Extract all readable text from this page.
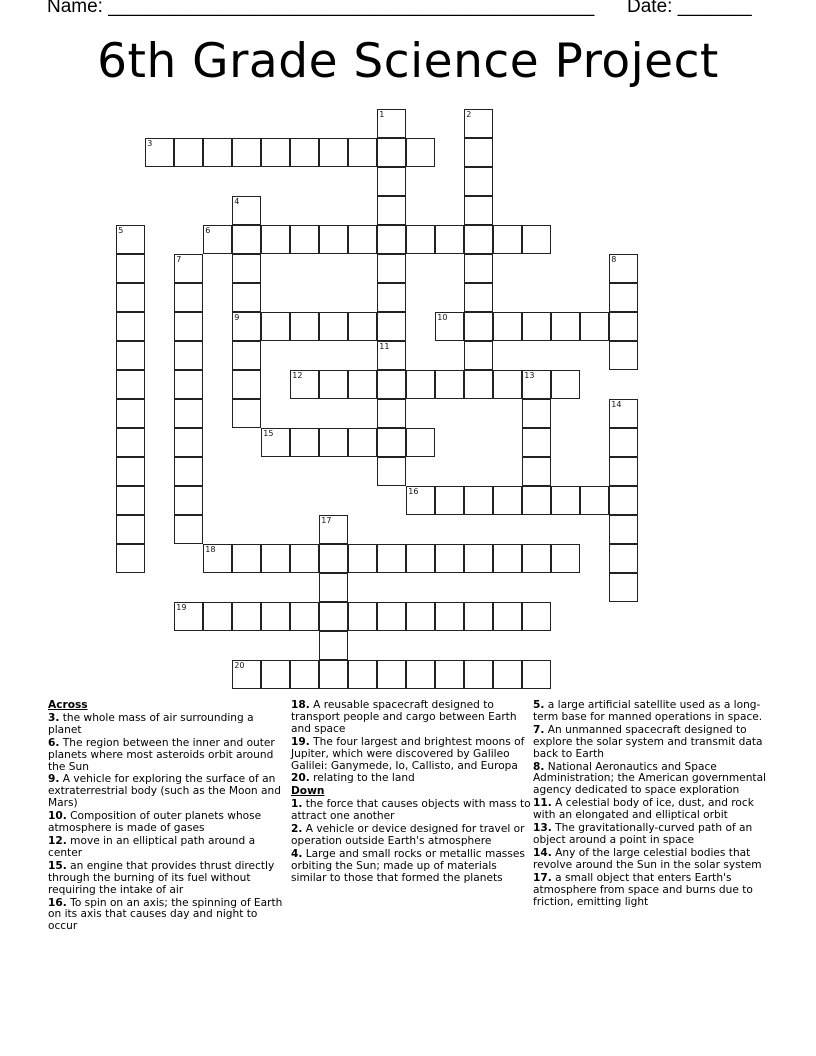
Name: ______________________________________________ Date: _______
6th Grade Science Project
1	2
3
4
9
5	6
7	8
10
11
12	13
14
15
16
17
18
19
20
Across
3. the whole mass of air surrounding a planet
6. The region between the inner and outer planets where most asteroids orbit around the Sun
9. A vehicle for exploring the surface of an extraterrestrial body (such as the Moon and Mars)
10. Composition of outer planets whose atmosphere is made of gases
12. move in an elliptical path around a center
15. an engine that provides thrust directly through the burning of its fuel without requiring the intake of air
16. To spin on an axis; the spinning of Earth on its axis that causes day and night to occur
18. A reusable spacecraft designed to transport people and cargo between Earth and space
19. The four largest and brightest moons of Jupiter, which were discovered by Galileo Galilei: Ganymede, Io, Callisto, and Europa
20. relating to the land
Down
1. the force that causes objects with mass to attract one another
2. A vehicle or device designed for travel or operation outside Earth's atmosphere
4. Large and small rocks or metallic masses orbiting the Sun; made up of materials similar to those that formed the planets
5. a large artificial satellite used as a long-term base for manned operations in space.
7. An unmanned spacecraft designed to explore the solar system and transmit data back to Earth
8. National Aeronautics and Space Administration; the American governmental agency dedicated to space exploration
11. A celestial body of ice, dust, and rock with an elongated and elliptical orbit
13. The gravitationally-curved path of an object around a point in space
14. Any of the large celestial bodies that revolve around the Sun in the solar system
17. a small object that enters Earth's atmosphere from space and burns due to friction, emitting light
